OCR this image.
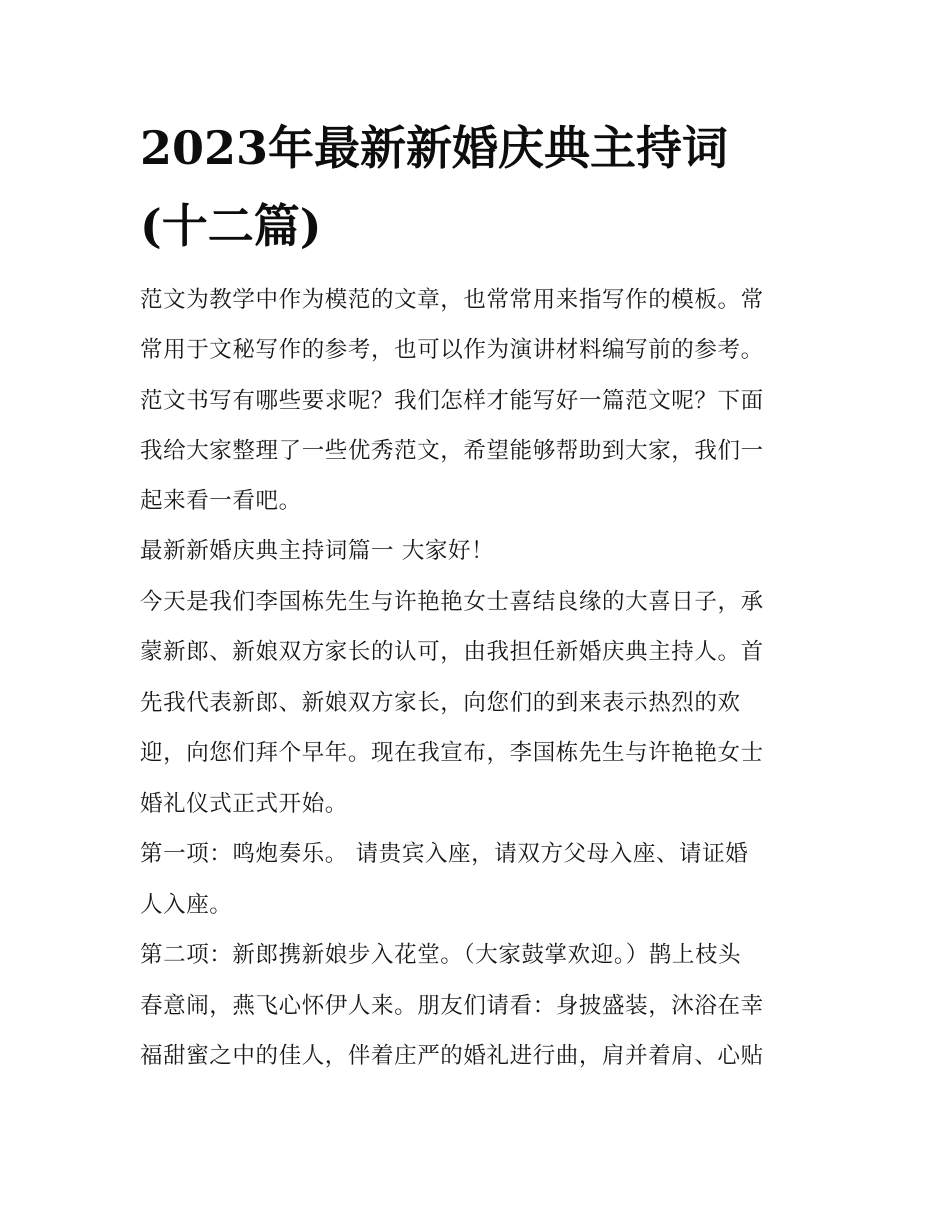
2023年最新新婚庆典主持词
(十二篇)
范文为教学中作为模范的文章，也常常用来指写作的模板。常
常用于文秘写作的参考，也可以作为演讲材料编写前的参考。
范文书写有哪些要求呢？我们怎样才能写好一篇范文呢？下面
我给大家整理了一些优秀范文，希望能够帮助到大家，我们一
起来看一看吧。
最新新婚庆典主持词篇一 大家好！
今天是我们李国栋先生与许艳艳女士喜结良缘的大喜日子，承
蒙新郎、新娘双方家长的认可，由我担任新婚庆典主持人。首
先我代表新郎、新娘双方家长，向您们的到来表示热烈的欢
迎，向您们拜个早年。现在我宣布，李国栋先生与许艳艳女士
婚礼仪式正式开始。
第一项：鸣炮奏乐。 请贵宾入座，请双方父母入座、请证婚
人入座。
第二项：新郎携新娘步入花堂。（大家鼓掌欢迎。）鹊上枝头
春意闹，燕飞心怀伊人来。朋友们请看：身披盛装，沐浴在幸
福甜蜜之中的佳人，伴着庄严的婚礼进行曲，肩并着肩、心贴
